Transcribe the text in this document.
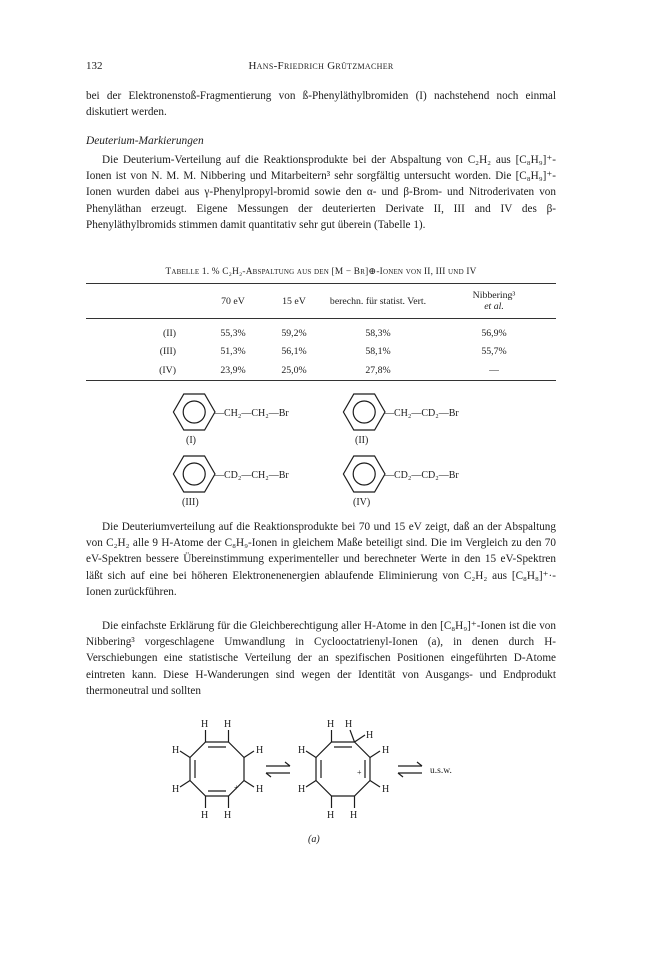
132	Hans-Friedrich Grützmacher

bei der Elektronenstoß-Fragmentierung von ß-Phenyläthylbromiden (I) nachstehend noch einmal diskutiert werden.

Deuterium-Markierungen

Die Deuterium-Verteilung auf die Reaktionsprodukte bei der Abspaltung von C₂H₂ aus [C₈H₉]⁺-Ionen ist von N. M. M. Nibbering und Mitarbeitern³ sehr sorgfältig untersucht worden. Die [C₈H₉]⁺-Ionen wurden dabei aus γ-Phenylpropyl-bromid sowie den α- und β-Brom- und Nitroderivaten von Phenyläthan erzeugt. Eigene Messungen der deuterierten Derivate II, III and IV des β-Phenyläthylbromids stimmen damit quantitativ sehr gut überein (Tabelle 1).

Tabelle 1. % C₂H₂-Abspaltung aus den [M − Br]⊕-Ionen von II, III und IV
	70 eV	15 eV	berechn. für statist. Vert.	Nibbering³
et al.
(II)	55,3%	59,2%	58,3%	56,9%
(III)	51,3%	56,1%	58,1%	55,7%
(IV)	23,9%	25,0%	27,8%	—
—CH₂—CH₂—Br
(I)
—CH₂—CD₂—Br
(II)
—CD₂—CH₂—Br
(III)
—CD₂—CD₂—Br
(IV)

Die Deuteriumverteilung auf die Reaktionsprodukte bei 70 und 15 eV zeigt, daß an der Abspaltung von C₂H₂ alle 9 H-Atome der C₈H₉-Ionen in gleichem Maße beteiligt sind. Die im Vergleich zu den 70 eV-Spektren bessere Übereinstimmung experimenteller und berechneter Werte in den 15 eV-Spektren läßt sich auf eine bei höheren Elektronenenergien ablaufende Eliminierung von C₂H₂ aus [C₈H₈]⁺·-Ionen zurückführen.

Die einfachste Erklärung für die Gleichberechtigung aller H-Atome in den [C₈H₉]⁺-Ionen ist die von Nibbering³ vorgeschlagene Umwandlung in Cyclooctatrienyl-Ionen (a), in denen durch H-Verschiebungen eine statistische Verteilung der an spezifischen Positionen eingeführten D-Atome eintreten kann. Diese H-Wanderungen sind wegen der Identität von Ausgangs- und Endprodukt thermoneutral und sollten

H H
H	H
H	H
H H
+
H H
H
H	H
H	H
H H
+	u.s.w.
(a)
